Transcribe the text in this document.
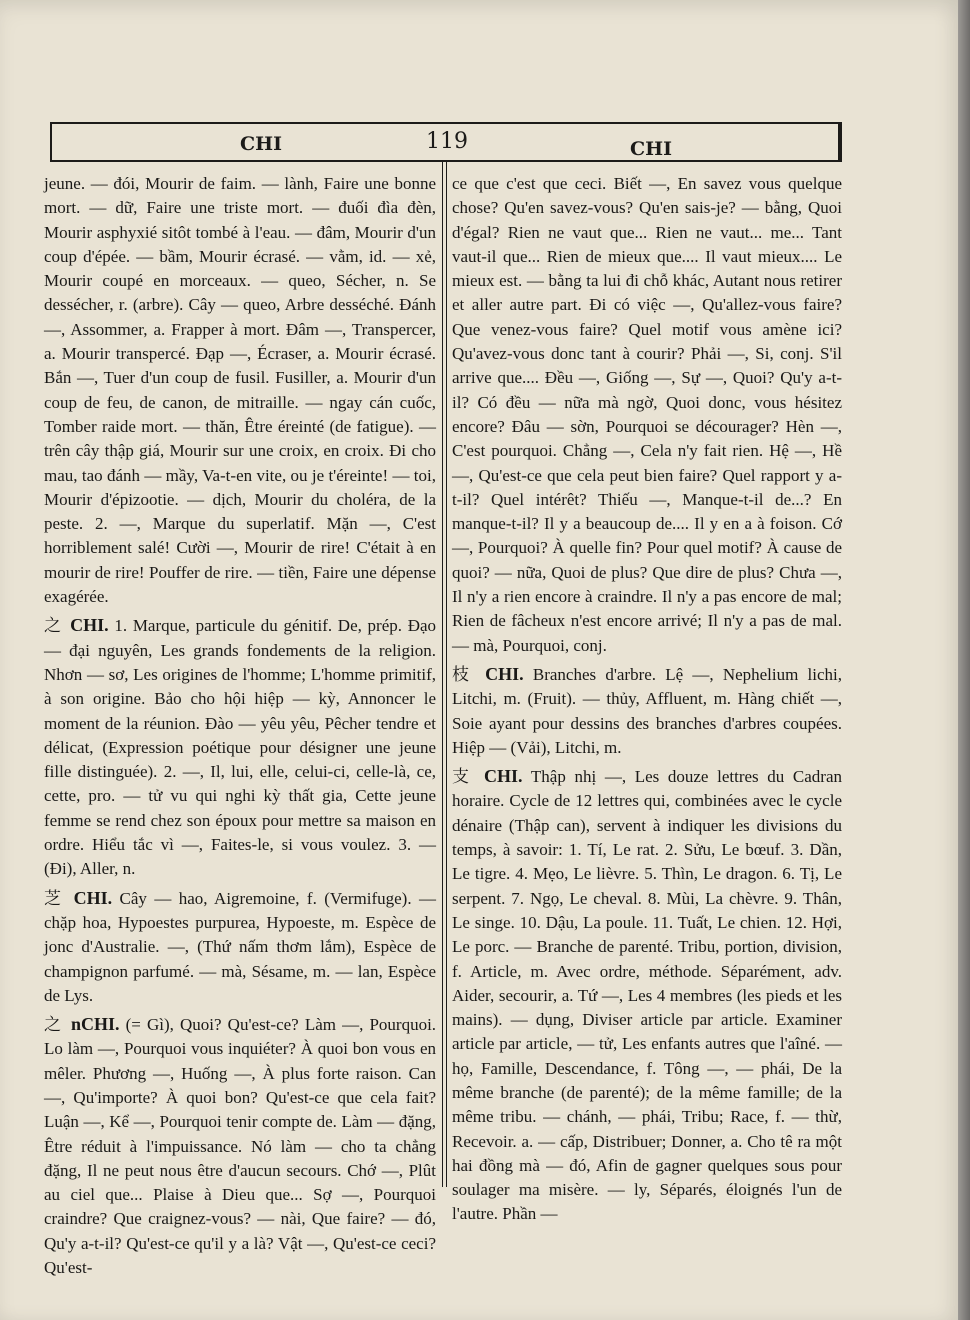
CHI	119	CHI

jeune. — đói, Mourir de faim. — lành, Faire une bonne mort. — dữ, Faire une triste mort. — đuối đìa đèn, Mourir asphyxié sitôt tombé à l'eau. — đâm, Mourir d'un coup d'épée. — bầm, Mourir écrasé. — vằm, id. — xẻ, Mourir coupé en morceaux. — queo, Sécher, n. Se dessécher, r. (arbre). Cây — queo, Arbre desséché. Đánh —, Assommer, a. Frapper à mort. Đâm —, Transpercer, a. Mourir transpercé. Đạp —, Écraser, a. Mourir écrasé. Bắn —, Tuer d'un coup de fusil. Fusiller, a. Mourir d'un coup de feu, de canon, de mitraille. — ngay cán cuốc, Tomber raide mort. — thăn, Être éreinté (de fatigue). — trên cây thập giá, Mourir sur une croix, en croix. Đi cho mau, tao đánh — mầy, Va-t-en vite, ou je t'éreinte! — toi, Mourir d'épizootie. — dịch, Mourir du choléra, de la peste. 2. —, Marque du superlatif. Mặn —, C'est horriblement salé! Cười —, Mourir de rire! C'était à en mourir de rire! Pouffer de rire. — tiền, Faire une dépense exagérée.

之 CHI. 1. Marque, particule du génitif. De, prép. Đạo — đại nguyên, Les grands fondements de la religion. Nhơn — sơ, Les origines de l'homme; L'homme primitif, à son origine. Bảo cho hội hiệp — kỳ, Annoncer le moment de la réunion. Đào — yêu yêu, Pêcher tendre et délicat, (Expression poétique pour désigner une jeune fille distinguée). 2. —, Il, lui, elle, celui-ci, celle-là, ce, cette, pro. — tử vu qui nghi kỳ thất gia, Cette jeune femme se rend chez son époux pour mettre sa maison en ordre. Hiểu tắc vì —, Faites-le, si vous voulez. 3. — (Đi), Aller, n.

芝 CHI. Cây — hao, Aigremoine, f. (Vermifuge). — chặp hoa, Hypoestes purpurea, Hypoeste, m. Espèce de jonc d'Australie. —, (Thứ nấm thơm lắm), Espèce de champignon parfumé. — mà, Sésame, m. — lan, Espèce de Lys.

之 nCHI. (= Gì), Quoi? Qu'est-ce? Làm —, Pourquoi. Lo làm —, Pourquoi vous inquiéter? À quoi bon vous en mêler. Phương —, Huống —, À plus forte raison. Can —, Qu'importe? À quoi bon? Qu'est-ce que cela fait? Luận —, Kể —, Pourquoi tenir compte de. Làm — đặng, Être réduit à l'impuissance. Nó làm — cho ta chẳng đặng, Il ne peut nous être d'aucun secours. Chớ —, Plût au ciel que... Plaise à Dieu que... Sợ —, Pourquoi craindre? Que craignez-vous? — nài, Que faire? — đó, Qu'y a-t-il? Qu'est-ce qu'il y a là? Vật —, Qu'est-ce ceci? Qu'est-

ce que c'est que ceci. Biết —, En savez vous quelque chose? Qu'en savez-vous? Qu'en sais-je? — bằng, Quoi d'égal? Rien ne vaut que... Rien ne vaut... me... Tant vaut-il que... Rien de mieux que.... Il vaut mieux.... Le mieux est. — bằng ta lui đi chỗ khác, Autant nous retirer et aller autre part. Đi có việc —, Qu'allez-vous faire? Que venez-vous faire? Quel motif vous amène ici? Qu'avez-vous donc tant à courir? Phải —, Si, conj. S'il arrive que.... Đều —, Giống —, Sự —, Quoi? Qu'y a-t-il? Có đều — nữa mà ngờ, Quoi donc, vous hésitez encore? Đâu — sờn, Pourquoi se décourager? Hèn —, C'est pourquoi. Chẳng —, Cela n'y fait rien. Hệ —, Hề —, Qu'est-ce que cela peut bien faire? Quel rapport y a-t-il? Quel intérêt? Thiếu —, Manque-t-il de...? En manque-t-il? Il y a beaucoup de.... Il y en a à foison. Cớ —, Pourquoi? À quelle fin? Pour quel motif? À cause de quoi? — nữa, Quoi de plus? Que dire de plus? Chưa —, Il n'y a rien encore à craindre. Il n'y a pas encore de mal; Rien de fâcheux n'est encore arrivé; Il n'y a pas de mal. — mà, Pourquoi, conj.

枝 CHI. Branches d'arbre. Lệ —, Nephelium lichi, Litchi, m. (Fruit). — thủy, Affluent, m. Hàng chiết —, Soie ayant pour dessins des branches d'arbres coupées. Hiệp — (Vải), Litchi, m.

支 CHI. Thập nhị —, Les douze lettres du Cadran horaire. Cycle de 12 lettres qui, combinées avec le cycle dénaire (Thập can), servent à indiquer les divisions du temps, à savoir: 1. Tí, Le rat. 2. Sửu, Le bœuf. 3. Dần, Le tigre. 4. Mẹo, Le lièvre. 5. Thìn, Le dragon. 6. Tị, Le serpent. 7. Ngọ, Le cheval. 8. Mùi, La chèvre. 9. Thân, Le singe. 10. Dậu, La poule. 11. Tuất, Le chien. 12. Hợi, Le porc. — Branche de parenté. Tribu, portion, division, f. Article, m. Avec ordre, méthode. Séparément, adv. Aider, secourir, a. Tứ —, Les 4 membres (les pieds et les mains). — dụng, Diviser article par article. Examiner article par article, — tử, Les enfants autres que l'aîné. — họ, Famille, Descendance, f. Tông —, — phái, De la même branche (de parenté); de la même famille; de la même tribu. — chánh, — phái, Tribu; Race, f. — thừ, Recevoir. a. — cấp, Distribuer; Donner, a. Cho tê ra một hai đồng mà — đó, Afin de gagner quelques sous pour soulager ma misère. — ly, Séparés, éloignés l'un de l'autre. Phần —
